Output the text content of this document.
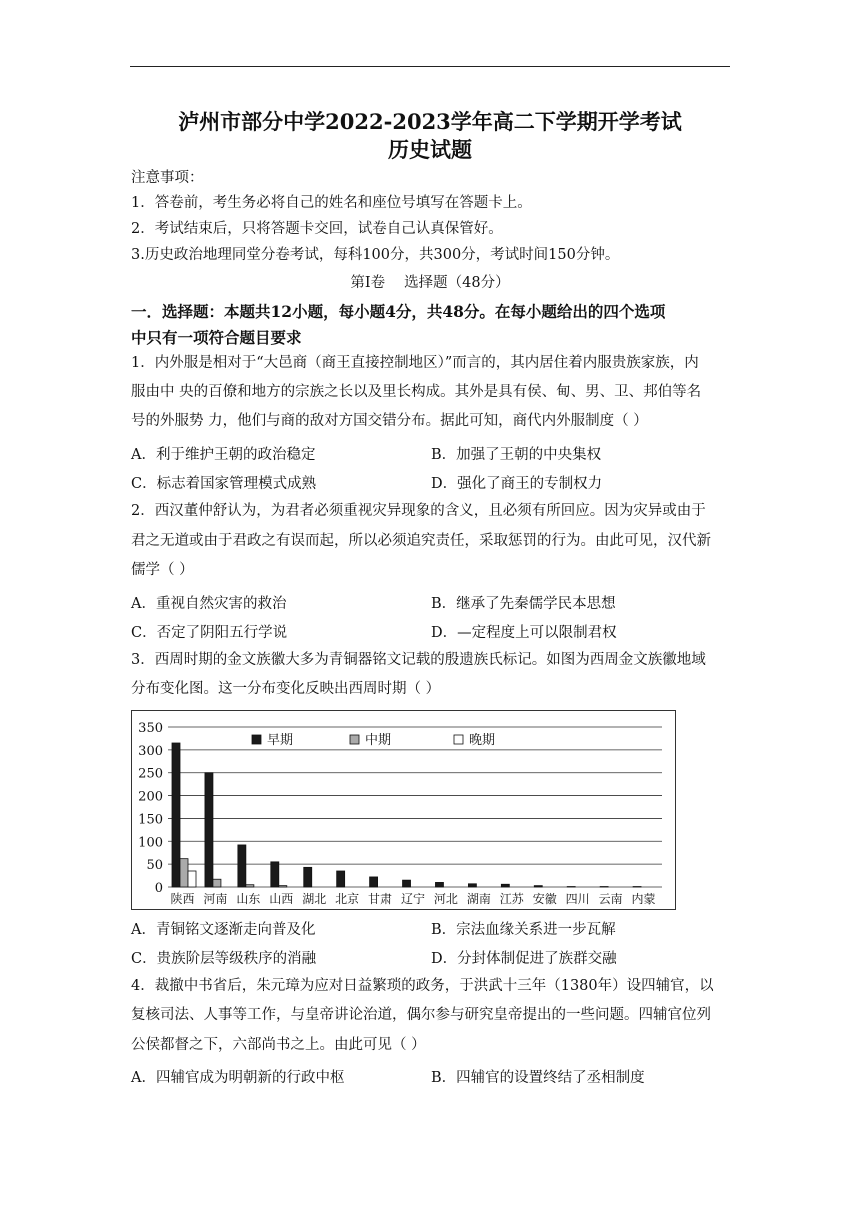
泸州市部分中学2022-2023学年高二下学期开学考试
历史试题
注意事项：
1．答卷前，考生务必将自己的姓名和座位号填写在答题卡上。
2．考试结束后，只将答题卡交回，试卷自己认真保管好。
3.历史政治地理同堂分卷考试，每科100分，共300分，考试时间150分钟。
第I卷　 选择题（48分）
一．选择题：本题共12小题，每小题4分，共48分。在每小题给出的四个选项
中只有一项符合题目要求
1．内外服是相对于“大邑商（商王直接控制地区）”而言的，其内居住着内服贵族家族，内
服由中 央的百僚和地方的宗族之长以及里长构成。其外是具有侯、甸、男、卫、邦伯等名
号的外服势 力，他们与商的敌对方国交错分布。据此可知，商代内外服制度（ ）
A．利于维护王朝的政治稳定	B．加强了王朝的中央集权
C．标志着国家管理模式成熟	D．强化了商王的专制权力
2．西汉董仲舒认为，为君者必须重视灾异现象的含义，且必须有所回应。因为灾异或由于
君之无道或由于君政之有误而起，所以必须追究责任，采取惩罚的行为。由此可见，汉代新
儒学（ ）
A．重视自然灾害的救治	B．继承了先秦儒学民本思想
C．否定了阴阳五行学说	D．—定程度上可以限制君权
3．西周时期的金文族徽大多为青铜器铭文记载的殷遗族氏标记。如图为西周金文族徽地域
分布变化图。这一分布变化反映出西周时期（ ）
0
50
100
150
200
250
300
350
陕西 河南 山东 山西 湖北 北京 甘肃 辽宁 河北 湖南 江苏 安徽 四川 云南 内蒙
早期	中期	晚期
A．青铜铭文逐渐走向普及化	B．宗法血缘关系进一步瓦解
C．贵族阶层等级秩序的消融	D．分封体制促进了族群交融
4．裁撤中书省后，朱元璋为应对日益繁琐的政务，于洪武十三年（1380年）设四辅官，以
复核司法、人事等工作，与皇帝讲论治道，偶尔参与研究皇帝提出的一些问题。四辅官位列
公侯都督之下，六部尚书之上。由此可见（ ）
A．四辅官成为明朝新的行政中枢	B．四辅官的设置终结了丞相制度
